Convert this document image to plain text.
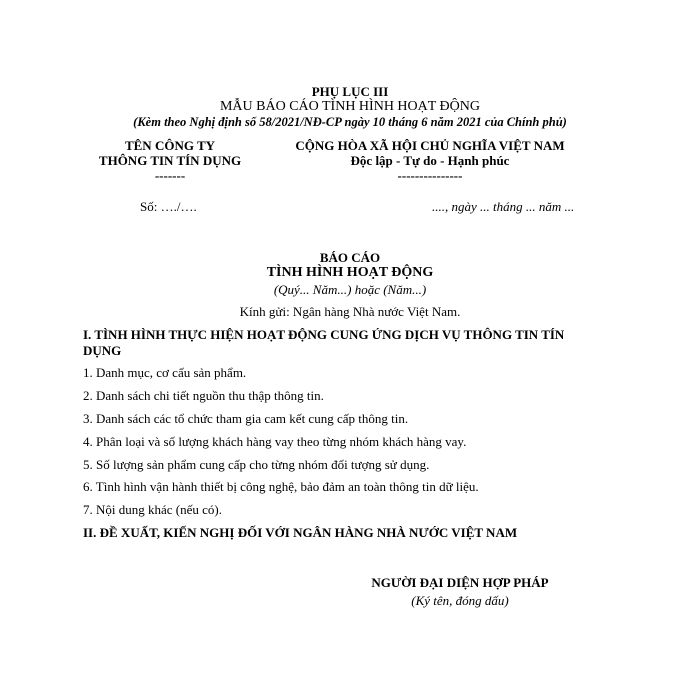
PHỤ LỤC III
MẪU BÁO CÁO TÌNH HÌNH HOẠT ĐỘNG
(Kèm theo Nghị định số 58/2021/NĐ-CP ngày 10 tháng 6 năm 2021 của Chính phủ)
TÊN CÔNG TY
THÔNG TIN TÍN DỤNG
-------
Số: …./….
CỘNG HÒA XÃ HỘI CHỦ NGHĨA VIỆT NAM
Độc lập - Tự do - Hạnh phúc
---------------
...., ngày ... tháng ... năm ...
BÁO CÁO
TÌNH HÌNH HOẠT ĐỘNG
(Quý... Năm...) hoặc (Năm...)
Kính gửi: Ngân hàng Nhà nước Việt Nam.
I. TÌNH HÌNH THỰC HIỆN HOẠT ĐỘNG CUNG ỨNG DỊCH VỤ THÔNG TIN TÍN
DỤNG
1. Danh mục, cơ cấu sản phẩm.
2. Danh sách chi tiết nguồn thu thập thông tin.
3. Danh sách các tổ chức tham gia cam kết cung cấp thông tin.
4. Phân loại và số lượng khách hàng vay theo từng nhóm khách hàng vay.
5. Số lượng sản phẩm cung cấp cho từng nhóm đối tượng sử dụng.
6. Tình hình vận hành thiết bị công nghệ, bảo đảm an toàn thông tin dữ liệu.
7. Nội dung khác (nếu có).
II. ĐỀ XUẤT, KIẾN NGHỊ ĐỐI VỚI NGÂN HÀNG NHÀ NƯỚC VIỆT NAM
NGƯỜI ĐẠI DIỆN HỢP PHÁP
(Ký tên, đóng dấu)
